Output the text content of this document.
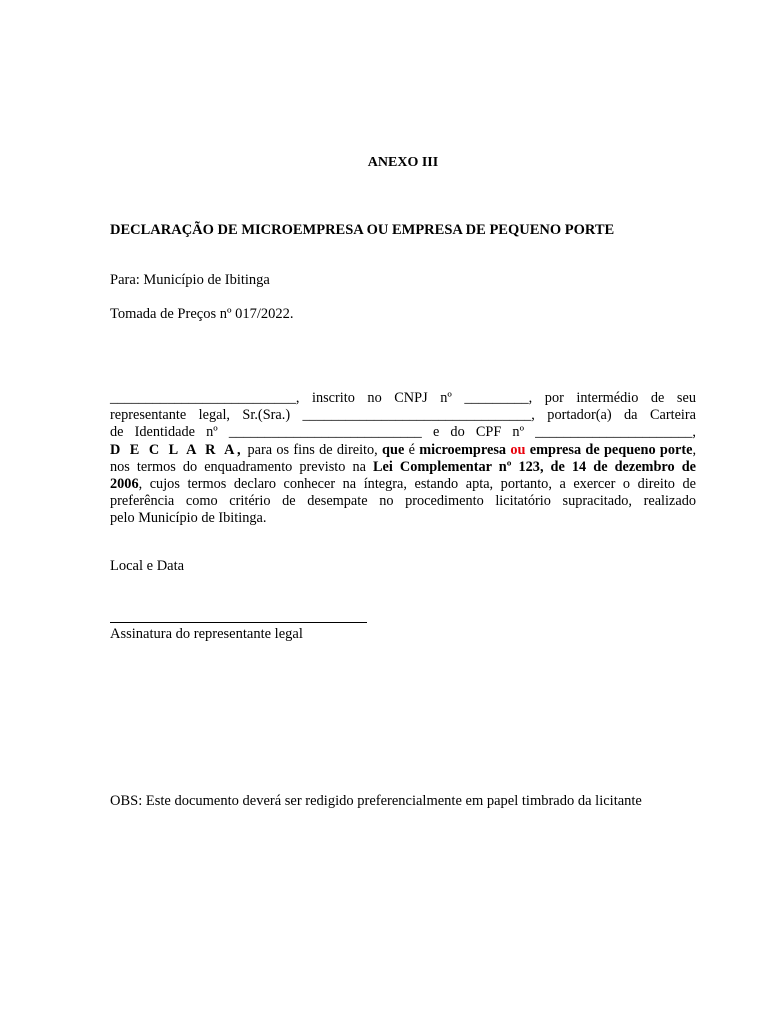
ANEXO III
DECLARAÇÃO DE MICROEMPRESA OU EMPRESA DE PEQUENO PORTE
Para: Município de Ibitinga
Tomada de Preços nº 017/2022.
__________________________, inscrito no CNPJ nº _________, por intermédio de seu
representante legal, Sr.(Sra.) ________________________________, portador(a) da Carteira
de Identidade nº ___________________________ e do CPF nº ______________________,
D E C L A R A, para os fins de direito, que é microempresa ou empresa de pequeno porte,
nos termos do enquadramento previsto na Lei Complementar nº 123, de 14 de dezembro de
2006, cujos termos declaro conhecer na íntegra, estando apta, portanto, a exercer o direito de
preferência como critério de desempate no procedimento licitatório supracitado, realizado
pelo Município de Ibitinga.
Local e Data
Assinatura do representante legal
OBS: Este documento deverá ser redigido preferencialmente em papel timbrado da licitante
